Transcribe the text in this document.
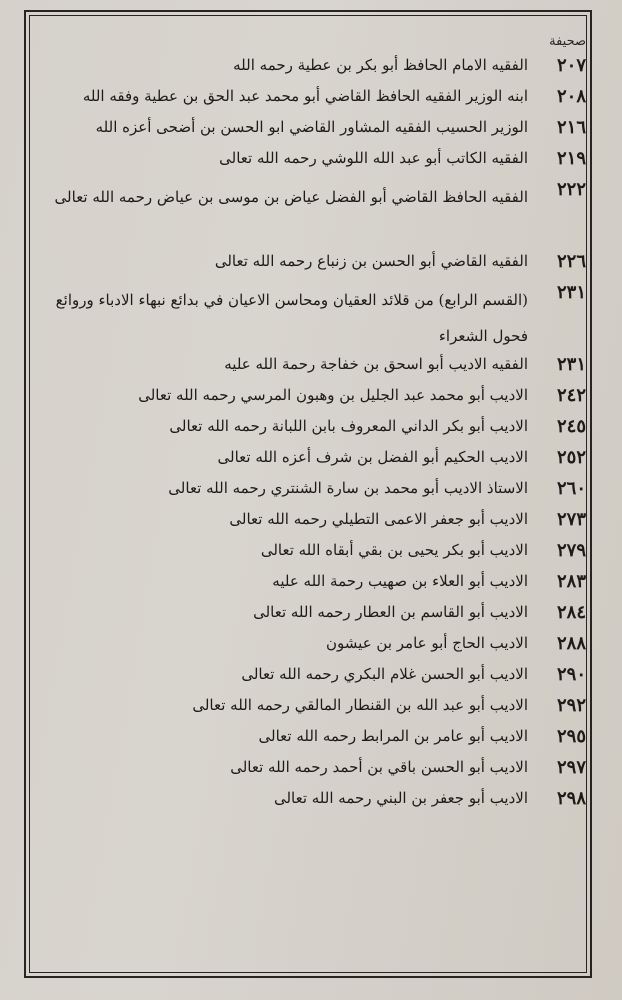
صحيفة
٢٠٧
الفقيه الامام الحافظ أبو بكر بن عطية رحمه الله
٢٠٨
ابنه الوزير الفقيه الحافظ القاضي أبو محمد عبد الحق بن عطية وفقه الله
٢١٦
الوزير الحسيب الفقيه المشاور القاضي ابو الحسن بن أضحى أعزه الله
٢١٩
الفقيه الكاتب أبو عبد الله اللوشي رحمه الله تعالى
٢٢٢
الفقيه الحافظ القاضي أبو الفضل عياض بن موسى بن عياض رحمه الله تعالى
٢٢٦
الفقيه القاضي أبو الحسن بن زنباع رحمه الله تعالى
٢٣١
(القسم الرابع) من قلائد العقيان ومحاسن الاعيان في بدائع نبهاء الادباء وروائع فحول الشعراء
٢٣١
الفقيه الاديب أبو اسحق بن خفاجة رحمة الله عليه
٢٤٢
الاديب أبو محمد عبد الجليل بن وهبون المرسي رحمه الله تعالى
٢٤٥
الاديب أبو بكر الداني المعروف بابن اللبانة رحمه الله تعالى
٢٥٢
الاديب الحكيم أبو الفضل بن شرف أعزه الله تعالى
٢٦٠
الاستاذ الاديب أبو محمد بن سارة الشنتري رحمه الله تعالى
٢٧٣
الاديب أبو جعفر الاعمى التطيلي رحمه الله تعالى
٢٧٩
الاديب أبو بكر يحيى بن بقي أبقاه الله تعالى
٢٨٣
الاديب أبو العلاء بن صهيب رحمة الله عليه
٢٨٤
الاديب أبو القاسم بن العطار رحمه الله تعالى
٢٨٨
الاديب الحاج أبو عامر بن عيشون
٢٩٠
الاديب أبو الحسن غلام البكري رحمه الله تعالى
٢٩٢
الاديب أبو عبد الله بن القنطار المالقي رحمه الله تعالى
٢٩٥
الاديب أبو عامر بن المرابط رحمه الله تعالى
٢٩٧
الاديب أبو الحسن باقي بن أحمد رحمه الله تعالى
٢٩٨
الاديب أبو جعفر بن البني رحمه الله تعالى
